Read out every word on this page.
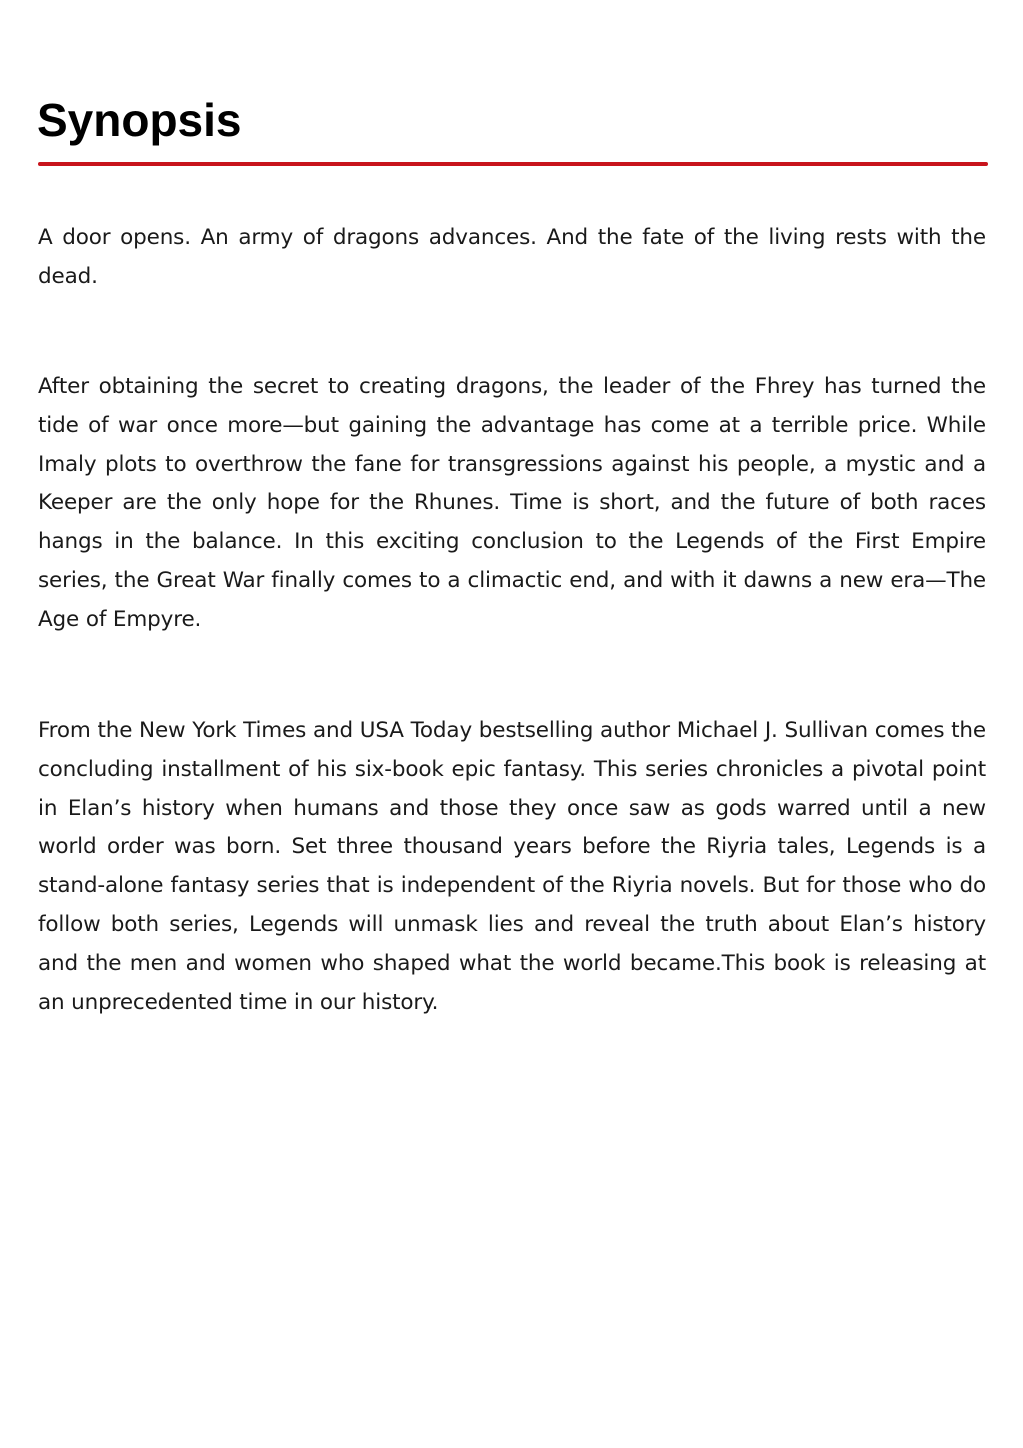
Synopsis

A door opens. An army of dragons advances. And the fate of the living rests with the dead.

After obtaining the secret to creating dragons, the leader of the Fhrey has turned the tide of war once more—but gaining the advantage has come at a terrible price. While Imaly plots to overthrow the fane for transgressions against his people, a mystic and a Keeper are the only hope for the Rhunes. Time is short, and the future of both races hangs in the balance. In this exciting conclusion to the Legends of the First Empire series, the Great War finally comes to a climactic end, and with it dawns a new era—The Age of Empyre.

From the New York Times and USA Today bestselling author Michael J. Sullivan comes the concluding installment of his six-book epic fantasy. This series chronicles a pivotal point in Elan’s history when humans and those they once saw as gods warred until a new world order was born. Set three thousand years before the Riyria tales, Legends is a stand-alone fantasy series that is independent of the Riyria novels. But for those who do follow both series, Legends will unmask lies and reveal the truth about Elan’s history and the men and women who shaped what the world became.This book is releasing at an unprecedented time in our history.
